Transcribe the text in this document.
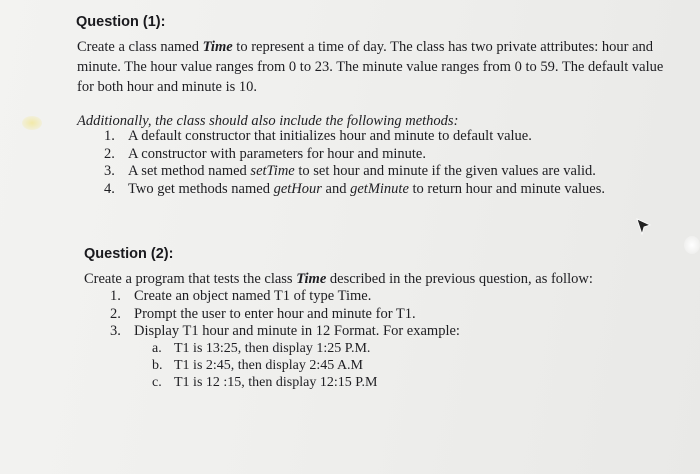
Question (1):

Create a class named Time to represent a time of day. The class has two private attributes: hour and minute. The hour value ranges from 0 to 23. The minute value ranges from 0 to 59. The default value for both hour and minute is 10.

Additionally, the class should also include the following methods:
1. A default constructor that initializes hour and minute to default value.
2. A constructor with parameters for hour and minute.
3. A set method named setTime to set hour and minute if the given values are valid.
4. Two get methods named getHour and getMinute to return hour and minute values.
Question (2):

Create a program that tests the class Time described in the previous question, as follow:

1. Create an object named T1 of type Time.
2. Prompt the user to enter hour and minute for T1.
3. Display T1 hour and minute in 12 Format. For example:
a. T1 is 13:25, then display 1:25 P.M.
b. T1 is 2:45, then display 2:45 A.M
c. T1 is 12 :15, then display 12:15 P.M
